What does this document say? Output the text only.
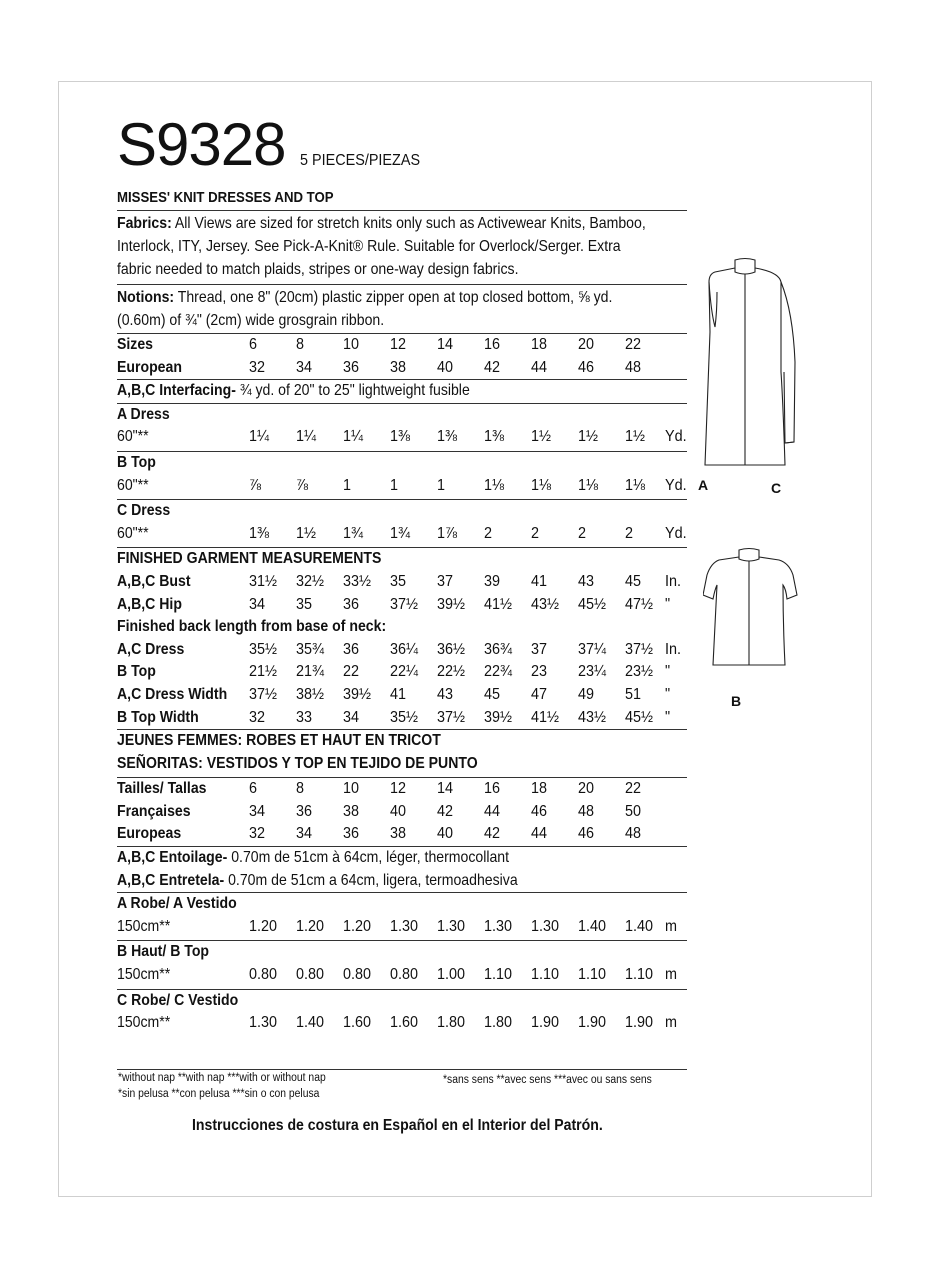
S9328 5 PIECES/PIEZAS
MISSES' KNIT DRESSES AND TOP
Fabrics: All Views are sized for stretch knits only such as Activewear Knits, Bamboo,
Interlock, ITY, Jersey. See Pick-A-Knit® Rule. Suitable for Overlock/Serger. Extra
fabric needed to match plaids, stripes or one-way design fabrics.
Notions: Thread, one 8" (20cm) plastic zipper open at top closed bottom, ⅝ yd.
(0.60m) of ¾" (2cm) wide grosgrain ribbon.
Sizes	6 8 10 12 14 16 18 20 22
European	32 34 36 38 40 42 44 46 48
A,B,C Interfacing- ¾ yd. of 20" to 25" lightweight fusible
A Dress
60"**	1¼ 1¼ 1¼ 1⅜ 1⅜ 1⅜ 1½ 1½ 1½ Yd.
B Top
60"**	⅞ ⅞ 1 1 1 1⅛ 1⅛ 1⅛ 1⅛ Yd.
C Dress
60"**	1⅜ 1½ 1¾ 1¾ 1⅞ 2 2 2 2 Yd.
FINISHED GARMENT MEASUREMENTS
A,B,C Bust	31½ 32½ 33½ 35 37 39 41 43 45 In.
A,B,C Hip	34 35 36 37½ 39½ 41½ 43½ 45½ 47½ "
Finished back length from base of neck:
A,C Dress	35½ 35¾ 36 36¼ 36½ 36¾ 37 37¼ 37½ In.
B Top	21½ 21¾ 22 22¼ 22½ 22¾ 23 23¼ 23½ "
A,C Dress Width 37½ 38½ 39½ 41 43 45 47 49 51 "
B Top Width	32 33 34 35½ 37½ 39½ 41½ 43½ 45½ "
JEUNES FEMMES: ROBES ET HAUT EN TRICOT
SEÑORITAS: VESTIDOS Y TOP EN TEJIDO DE PUNTO
Tailles/ Tallas	6 8 10 12 14 16 18 20 22
Françaises	34 36 38 40 42 44 46 48 50
Europeas	32 34 36 38 40 42 44 46 48
A,B,C Entoilage- 0.70m de 51cm à 64cm, léger, thermocollant
A,B,C Entretela- 0.70m de 51cm a 64cm, ligera, termoadhesiva
A Robe/ A Vestido
150cm**	1.20 1.20 1.20 1.30 1.30 1.30 1.30 1.40 1.40 m
B Haut/ B Top
150cm**	0.80 0.80 0.80 0.80 1.00 1.10 1.10 1.10 1.10 m
C Robe/ C Vestido
150cm**	1.30 1.40 1.60 1.60 1.80 1.80 1.90 1.90 1.90 m
*without nap **with nap ***with or without nap
*sin pelusa **con pelusa ***sin o con pelusa
*sans sens **avec sens ***avec ou sans sens
Instrucciones de costura en Español en el Interior del Patrón.
A	C
B
